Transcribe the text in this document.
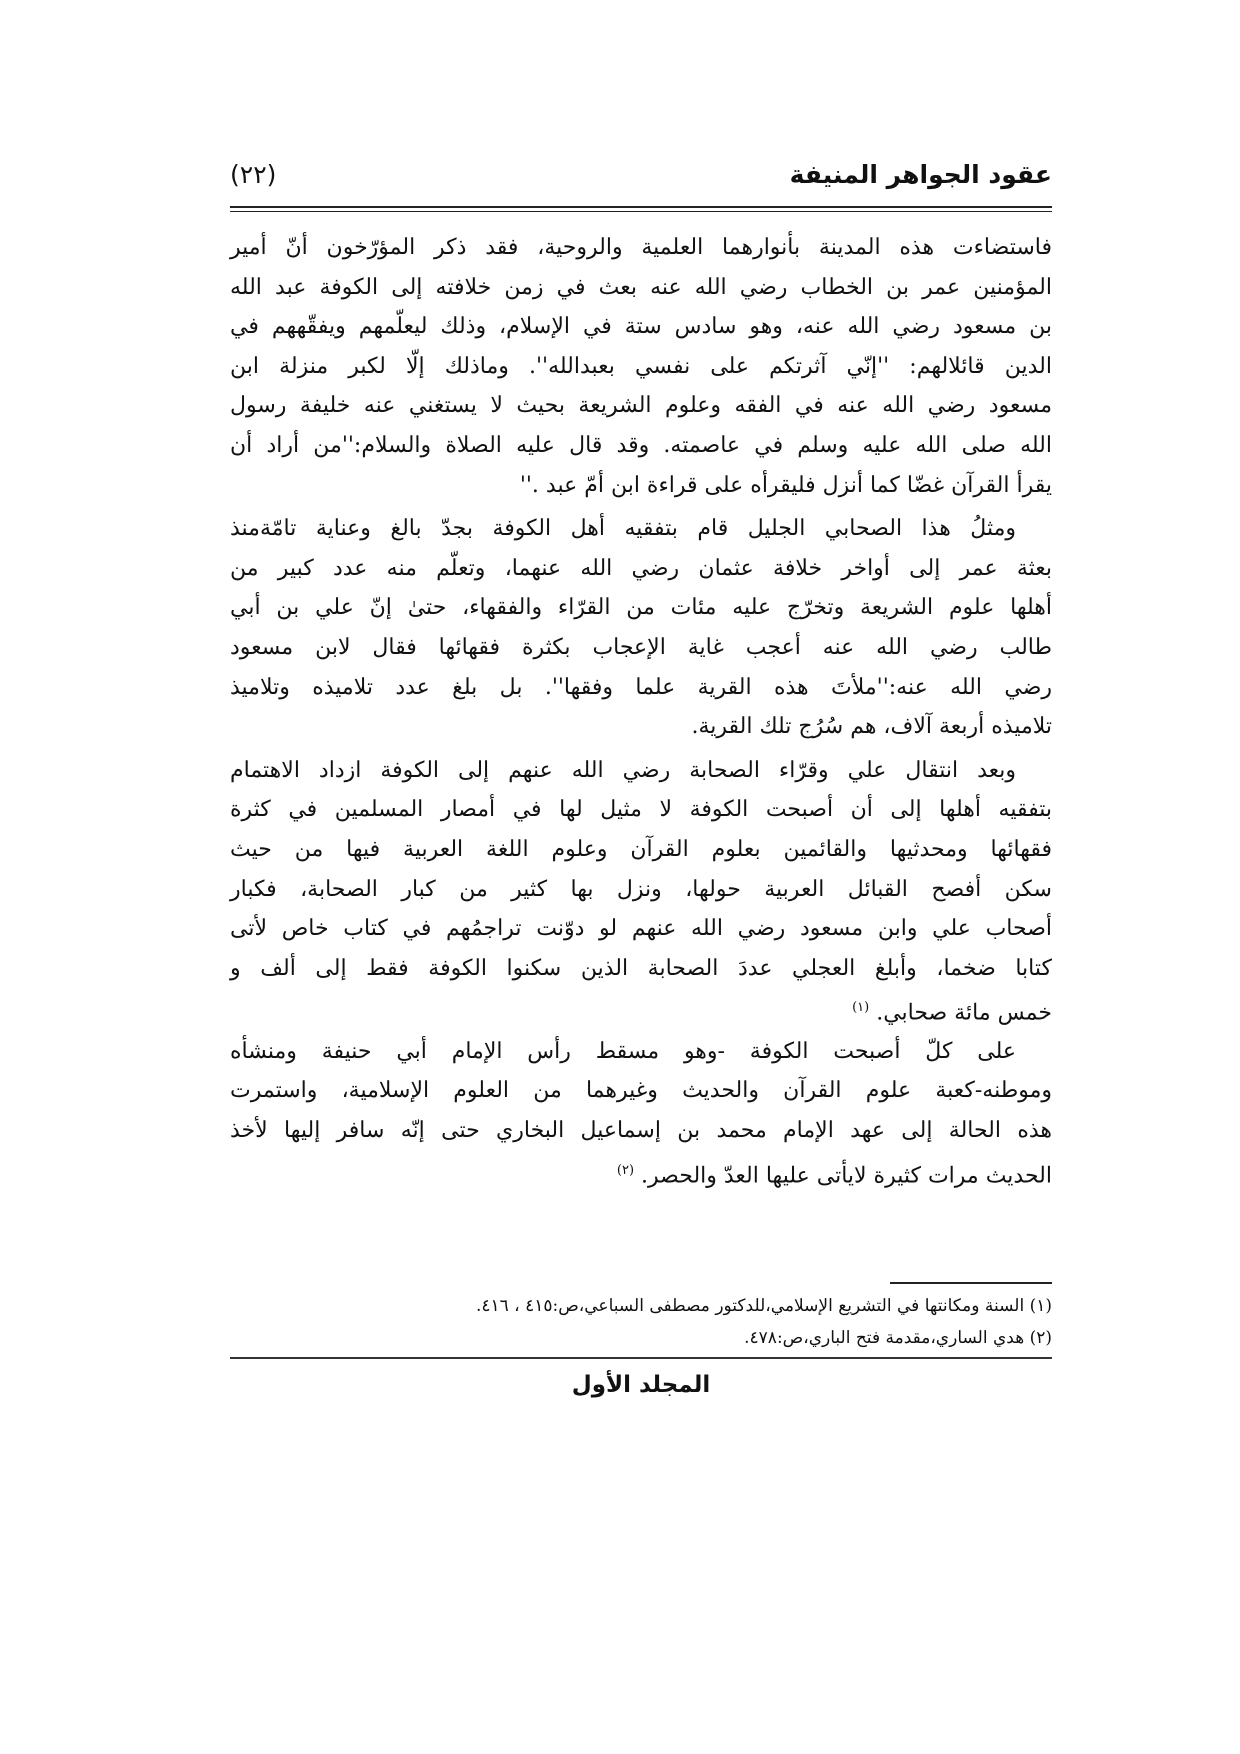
عقود الجواهر المنيفة
(٢٢)
فاستضاءت هذه المدينة بأنوارهما العلمية والروحية، فقد ذكر المؤرّخون أنّ أمير
المؤمنين عمر بن الخطاب رضي الله عنه بعث في زمن خلافته إلى الكوفة عبد الله
بن مسعود رضي الله عنه، وهو سادس ستة في الإسلام، وذلك ليعلّمهم ويفقّههم في
الدين قائلالهم: ''إنّي آثرتكم على نفسي بعبدالله''. وماذلك إلّا لكبر منزلة ابن
مسعود رضي الله عنه في الفقه وعلوم الشريعة بحيث لا يستغني عنه خليفة رسول
الله صلى الله عليه وسلم في عاصمته. وقد قال عليه الصلاة والسلام:''من أراد أن
يقرأ القرآن غضّا كما أنزل فليقرأه على قراءة ابن أمّ عبد .''
ومثلُ هذا الصحابي الجليل قام بتفقيه أهل الكوفة بجدّ بالغ وعناية تامّةمنذ
بعثة عمر إلى أواخر خلافة عثمان رضي الله عنهما، وتعلّم منه عدد كبير من
أهلها علوم الشريعة وتخرّج عليه مئات من القرّاء والفقهاء، حتىٰ إنّ علي بن أبي
طالب رضي الله عنه أعجب غاية الإعجاب بكثرة فقهائها فقال لابن مسعود
رضي الله عنه:''ملأتَ هذه القرية علما وفقها''. بل بلغ عدد تلاميذه وتلاميذ
تلاميذه أربعة آلاف، هم سُرُج تلك القرية.
وبعد انتقال علي وقرّاء الصحابة رضي الله عنهم إلى الكوفة ازداد الاهتمام
بتفقيه أهلها إلى أن أصبحت الكوفة لا مثيل لها في أمصار المسلمين في كثرة
فقهائها ومحدثيها والقائمين بعلوم القرآن وعلوم اللغة العربية فيها من حيث
سكن أفصح القبائل العربية حولها، ونزل بها كثير من كبار الصحابة، فكبار
أصحاب علي وابن مسعود رضي الله عنهم لو دوّنت تراجمُهم في كتاب خاص لأتى
كتابا ضخما، وأبلغ العجلي عددَ الصحابة الذين سكنوا الكوفة فقط إلى ألف و
خمس مائة صحابي. $^{(١)}$
على كلّ أصبحت الكوفة -وهو مسقط رأس الإمام أبي حنيفة ومنشأه
وموطنه-كعبة علوم القرآن والحديث وغيرهما من العلوم الإسلامية، واستمرت
هذه الحالة إلى عهد الإمام محمد بن إسماعيل البخاري حتى إنّه سافر إليها لأخذ
الحديث مرات كثيرة لايأتى عليها العدّ والحصر. $^{(٢)}$
(١) السنة ومكانتها في التشريع الإسلامي،للدكتور مصطفى السباعي،ص:٤١٥ ، ٤١٦.
(٢) هدي الساري،مقدمة فتح الباري،ص:٤٧٨.
المجلد الأول
